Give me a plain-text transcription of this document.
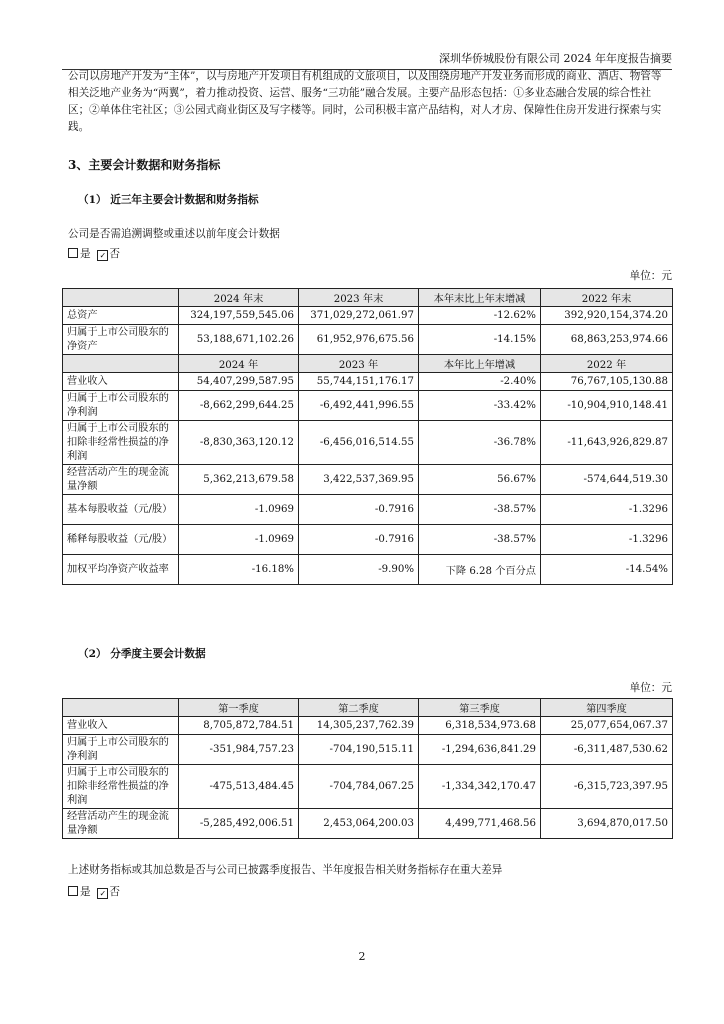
深圳华侨城股份有限公司 2024 年年度报告摘要
公司以房地产开发为“主体”，以与房地产开发项目有机组成的文旅项目，以及围绕房地产开发业务而形成的商业、酒店、物管等相关泛地产业务为“两翼”，着力推动投资、运营、服务“三功能”融合发展。主要产品形态包括：①多业态融合发展的综合性社区；②单体住宅社区；③公园式商业街区及写字楼等。同时，公司积极丰富产品结构，对人才房、保障性住房开发进行探索与实践。
3、主要会计数据和财务指标
（1） 近三年主要会计数据和财务指标
公司是否需追溯调整或重述以前年度会计数据
是 ✓ 否
单位：元
	2024 年末	2023 年末	本年末比上年末增减	2022 年末
总资产	324,197,559,545.06	371,029,272,061.97	-12.62%	392,920,154,374.20
归属于上市公司股东的净资产	53,188,671,102.26	61,952,976,675.56	-14.15%	68,863,253,974.66
	2024 年	2023 年	本年比上年增减	2022 年
营业收入	54,407,299,587.95	55,744,151,176.17	-2.40%	76,767,105,130.88
归属于上市公司股东的净利润	-8,662,299,644.25	-6,492,441,996.55	-33.42%	-10,904,910,148.41
归属于上市公司股东的扣除非经常性损益的净利润	-8,830,363,120.12	-6,456,016,514.55	-36.78%	-11,643,926,829.87
经营活动产生的现金流量净额	5,362,213,679.58	3,422,537,369.95	56.67%	-574,644,519.30
基本每股收益（元/股）	-1.0969	-0.7916	-38.57%	-1.3296
稀释每股收益（元/股）	-1.0969	-0.7916	-38.57%	-1.3296
加权平均净资产收益率	-16.18%	-9.90%	下降 6.28 个百分点	-14.54%
（2） 分季度主要会计数据
单位：元
	第一季度	第二季度	第三季度	第四季度
营业收入	8,705,872,784.51	14,305,237,762.39	6,318,534,973.68	25,077,654,067.37
归属于上市公司股东的净利润	-351,984,757.23	-704,190,515.11	-1,294,636,841.29	-6,311,487,530.62
归属于上市公司股东的扣除非经常性损益的净利润	-475,513,484.45	-704,784,067.25	-1,334,342,170.47	-6,315,723,397.95
经营活动产生的现金流量净额	-5,285,492,006.51	2,453,064,200.03	4,499,771,468.56	3,694,870,017.50
上述财务指标或其加总数是否与公司已披露季度报告、半年度报告相关财务指标存在重大差异
是 ✓ 否
2
